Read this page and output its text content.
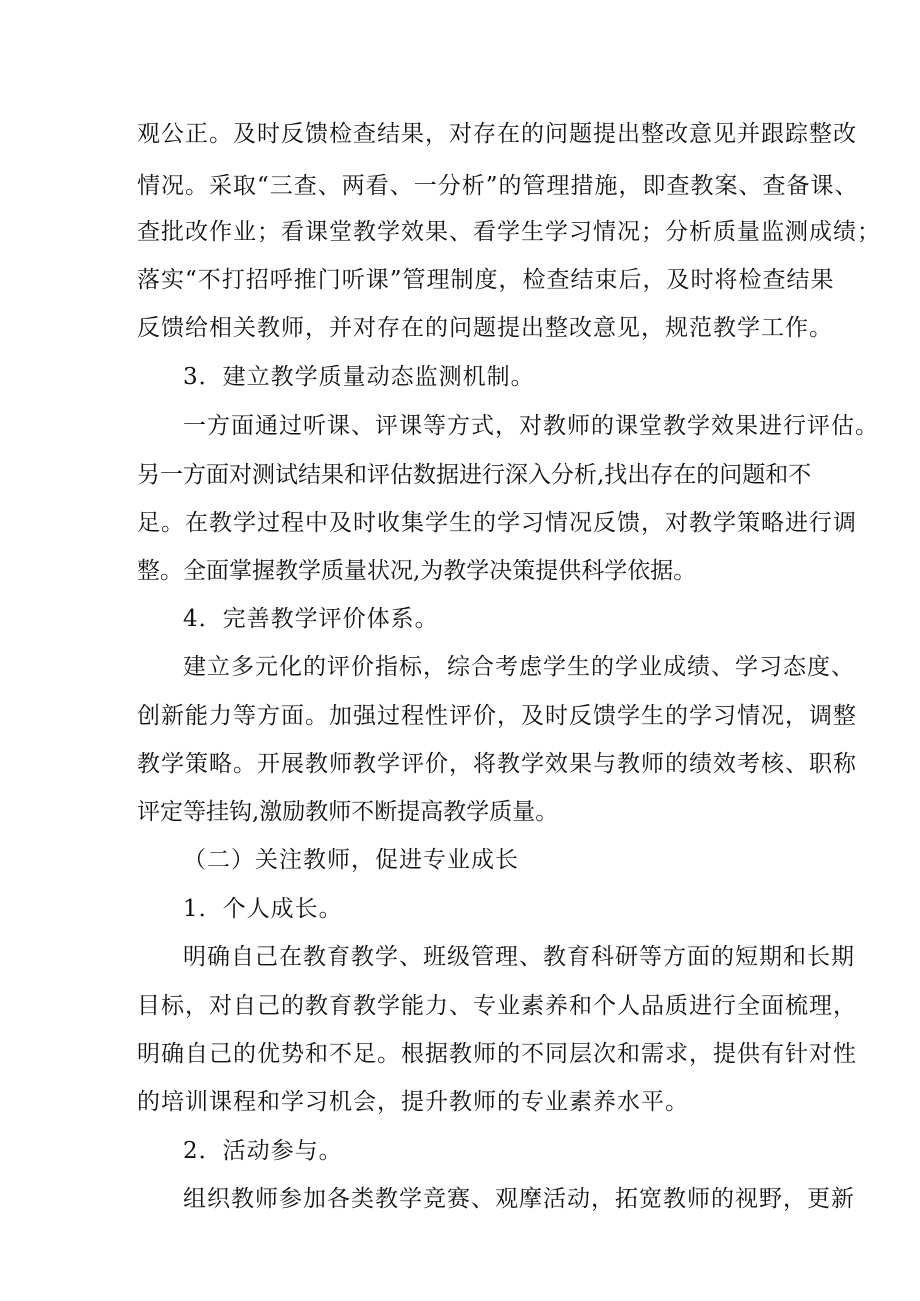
观公正。及时反馈检查结果，对存在的问题提出整改意见并跟踪整改
情况。采取“三查、两看、一分析”的管理措施，即查教案、查备课、
查批改作业；看课堂教学效果、看学生学习情况；分析质量监测成绩；
落实“不打招呼推门听课”管理制度，检查结束后，及时将检查结果
反馈给相关教师，并对存在的问题提出整改意见，规范教学工作。
3．建立教学质量动态监测机制。
一方面通过听课、评课等方式，对教师的课堂教学效果进行评估。
另一方面对测试结果和评估数据进行深入分析,找出存在的问题和不
足。在教学过程中及时收集学生的学习情况反馈，对教学策略进行调
整。全面掌握教学质量状况,为教学决策提供科学依据。
4．完善教学评价体系。
建立多元化的评价指标，综合考虑学生的学业成绩、学习态度、
创新能力等方面。加强过程性评价，及时反馈学生的学习情况，调整
教学策略。开展教师教学评价，将教学效果与教师的绩效考核、职称
评定等挂钩,激励教师不断提高教学质量。
（二）关注教师，促进专业成长
1．个人成长。
明确自己在教育教学、班级管理、教育科研等方面的短期和长期
目标，对自己的教育教学能力、专业素养和个人品质进行全面梳理，
明确自己的优势和不足。根据教师的不同层次和需求，提供有针对性
的培训课程和学习机会，提升教师的专业素养水平。
2．活动参与。
组织教师参加各类教学竞赛、观摩活动，拓宽教师的视野，更新
